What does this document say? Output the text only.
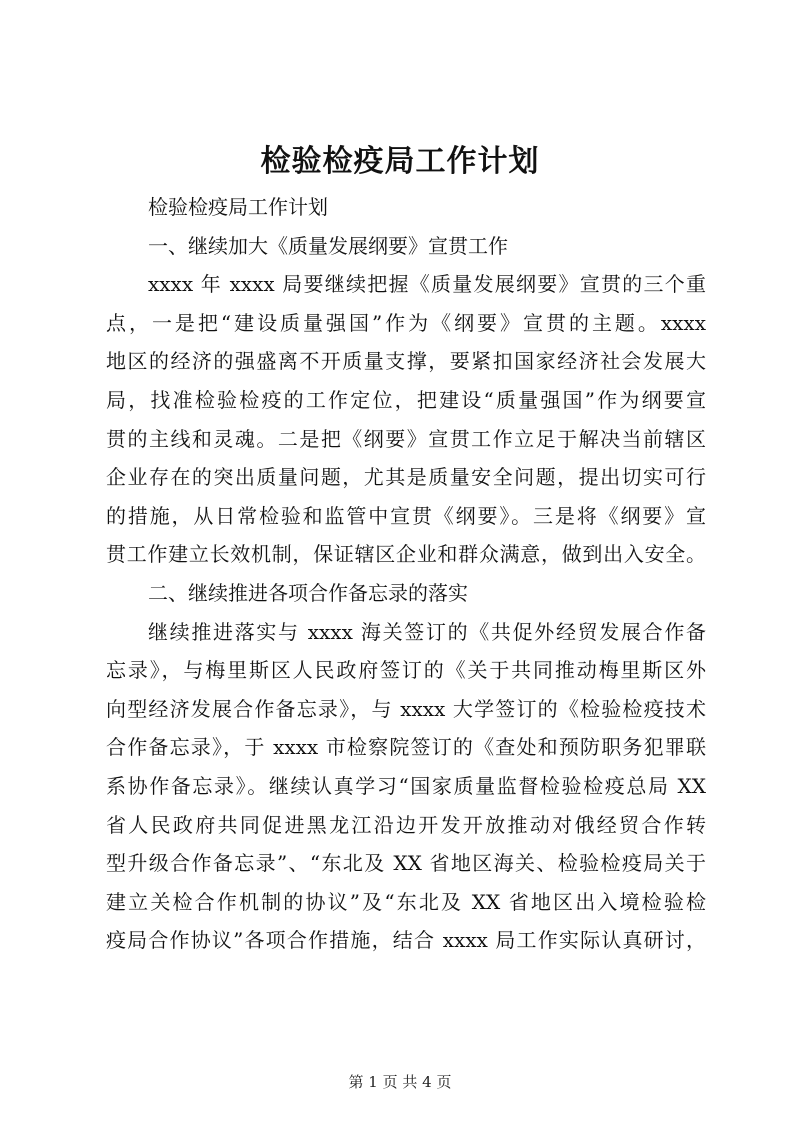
检验检疫局工作计划
检验检疫局工作计划
一、继续加大《质量发展纲要》宣贯工作
xxxx 年 xxxx 局要继续把握《质量发展纲要》宣贯的三个重
点，一是把“建设质量强国”作为《纲要》宣贯的主题。xxxx
地区的经济的强盛离不开质量支撑，要紧扣国家经济社会发展大
局，找准检验检疫的工作定位，把建设“质量强国”作为纲要宣
贯的主线和灵魂。二是把《纲要》宣贯工作立足于解决当前辖区
企业存在的突出质量问题，尤其是质量安全问题，提出切实可行
的措施，从日常检验和监管中宣贯《纲要》。三是将《纲要》宣
贯工作建立长效机制，保证辖区企业和群众满意，做到出入安全。
二、继续推进各项合作备忘录的落实
继续推进落实与 xxxx 海关签订的《共促外经贸发展合作备
忘录》，与梅里斯区人民政府签订的《关于共同推动梅里斯区外
向型经济发展合作备忘录》，与 xxxx 大学签订的《检验检疫技术
合作备忘录》，于 xxxx 市检察院签订的《查处和预防职务犯罪联
系协作备忘录》。继续认真学习“国家质量监督检验检疫总局 XX
省人民政府共同促进黑龙江沿边开发开放推动对俄经贸合作转
型升级合作备忘录”、“东北及 XX 省地区海关、检验检疫局关于
建立关检合作机制的协议”及“东北及 XX 省地区出入境检验检
疫局合作协议”各项合作措施，结合 xxxx 局工作实际认真研讨，
第 1 页 共 4 页
